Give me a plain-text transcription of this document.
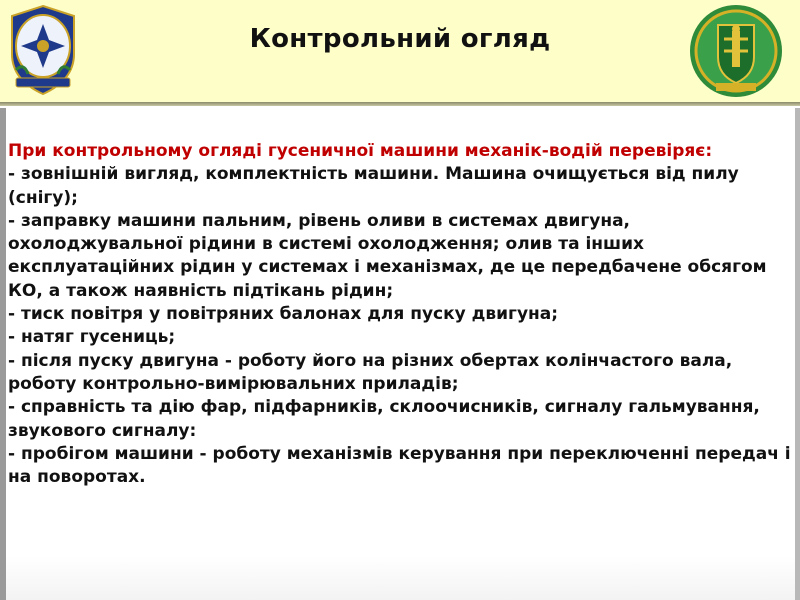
Контрольний огляд
При контрольному огляді гусеничної машини механік-водій перевіряє:
- зовнішній вигляд, комплектність машини. Машина очищується від пилу (снігу);
- заправку машини пальним, рівень оливи в системах двигуна, охолоджувальної рідини в системі охолодження; олив та інших експлуатаційних рідин у системах і механізмах, де це передбачене обсягом КО, а також наявність підтікань рідин;
- тиск повітря у повітряних балонах для пуску двигуна;
- натяг гусениць;
- після пуску двигуна - роботу його на різних обертах колінчастого вала, роботу контрольно-вимірювальних приладів;
- справність та дію фар, підфарників, склоочисників, сигналу гальмування, звукового сигналу:
- пробігом машини - роботу механізмів керування при переключенні передач і на поворотах.
